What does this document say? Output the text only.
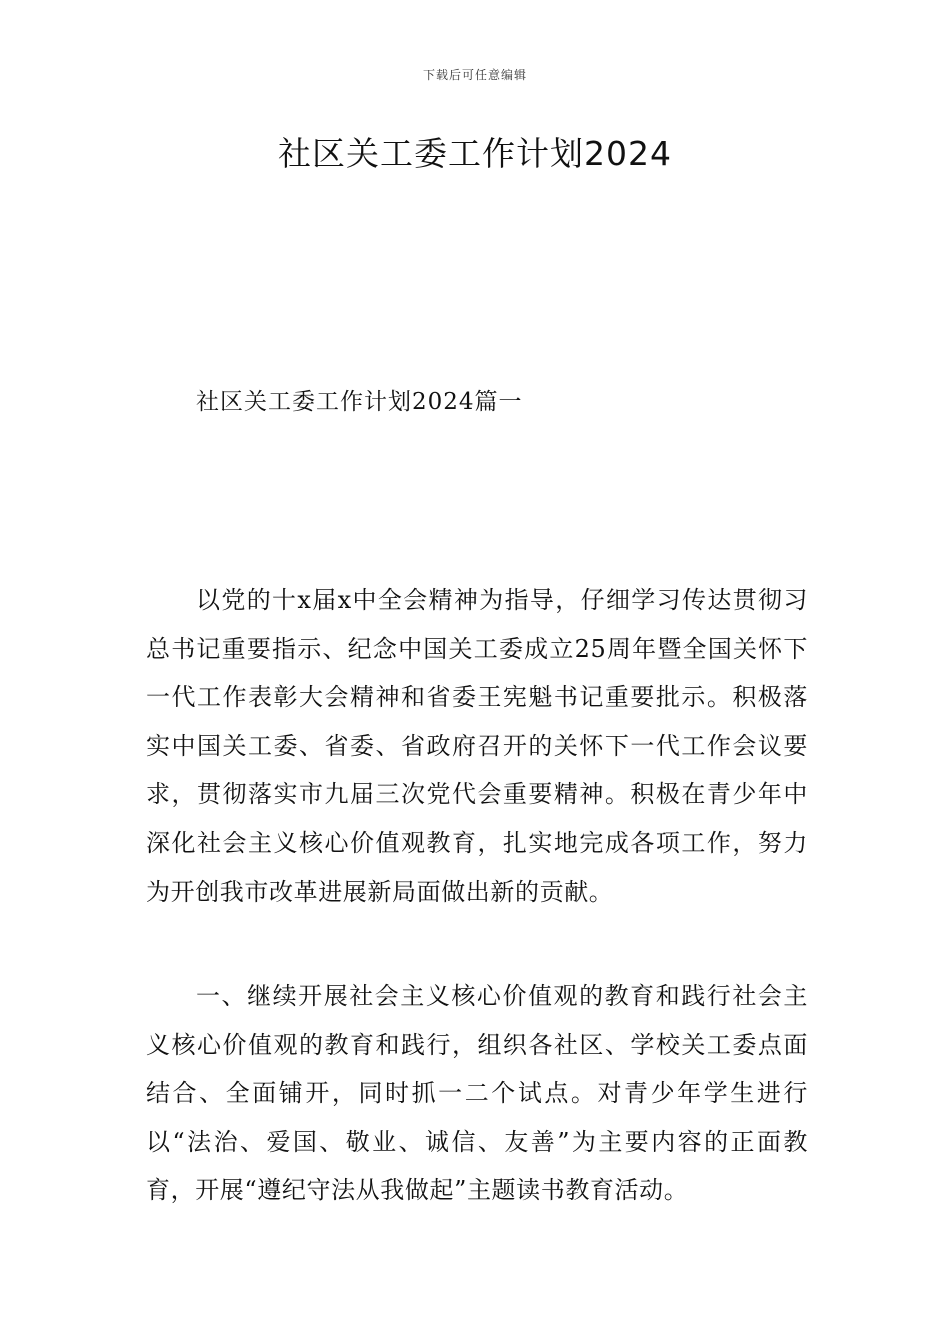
下载后可任意编辑
社区关工委工作计划2024

社区关工委工作计划2024篇一

以党的十x届x中全会精神为指导，仔细学习传达贯彻习总书记重要指示、纪念中国关工委成立25周年暨全国关怀下一代工作表彰大会精神和省委王宪魁书记重要批示。积极落实中国关工委、省委、省政府召开的关怀下一代工作会议要求，贯彻落实市九届三次党代会重要精神。积极在青少年中深化社会主义核心价值观教育，扎实地完成各项工作，努力为开创我市改革进展新局面做出新的贡献。

一、继续开展社会主义核心价值观的教育和践行社会主义核心价值观的教育和践行，组织各社区、学校关工委点面结合、全面铺开，同时抓一二个试点。对青少年学生进行以“法治、爱国、敬业、诚信、友善”为主要内容的正面教育，开展“遵纪守法从我做起”主题读书教育活动。
